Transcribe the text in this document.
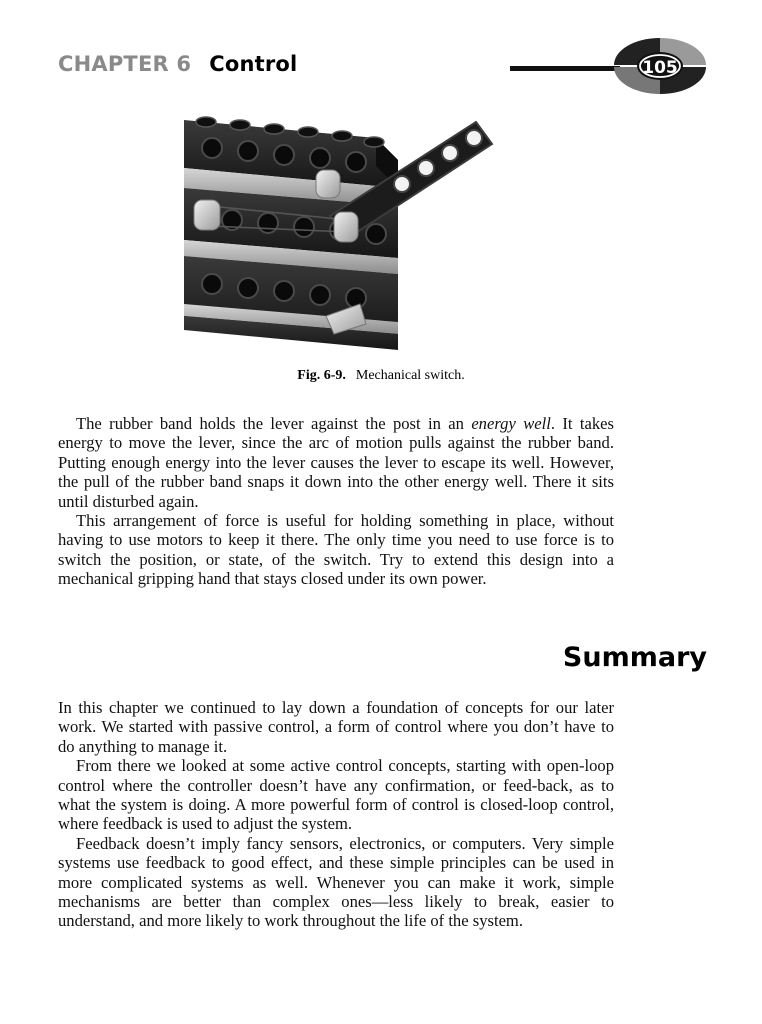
CHAPTER 6 Control	105
Fig. 6-9. Mechanical switch.

The rubber band holds the lever against the post in an energy well. It takes energy to move the lever, since the arc of motion pulls against the rubber band. Putting enough energy into the lever causes the lever to escape its well. However, the pull of the rubber band snaps it down into the other energy well. There it sits until disturbed again.

This arrangement of force is useful for holding something in place, without having to use motors to keep it there. The only time you need to use force is to switch the position, or state, of the switch. Try to extend this design into a mechanical gripping hand that stays closed under its own power.

Summary

In this chapter we continued to lay down a foundation of concepts for our later work. We started with passive control, a form of control where you don’t have to do anything to manage it.

From there we looked at some active control concepts, starting with open-loop control where the controller doesn’t have any confirmation, or feed-back, as to what the system is doing. A more powerful form of control is closed-loop control, where feedback is used to adjust the system.

Feedback doesn’t imply fancy sensors, electronics, or computers. Very simple systems use feedback to good effect, and these simple principles can be used in more complicated systems as well. Whenever you can make it work, simple mechanisms are better than complex ones—less likely to break, easier to understand, and more likely to work throughout the life of the system.
